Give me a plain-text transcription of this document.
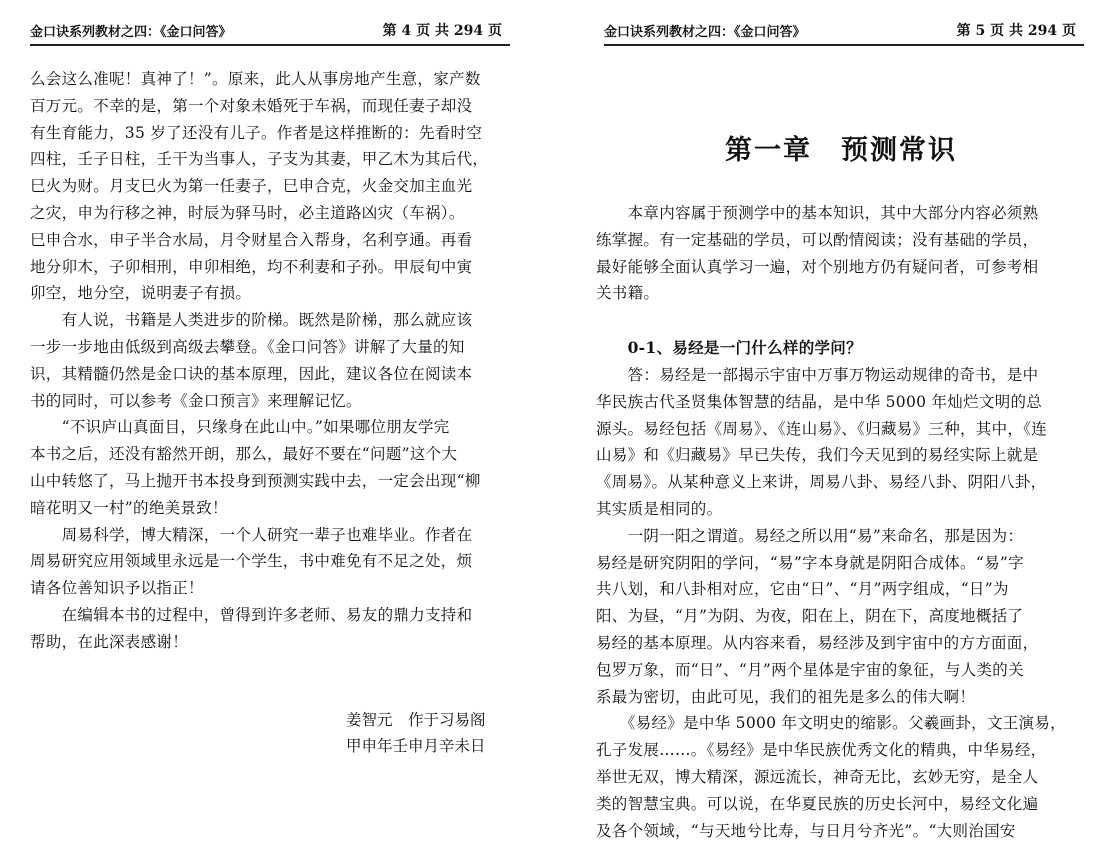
金口诀系列教材之四：《金口问答》	第 4 页 共 294 页

么会这么准呢！真神了！”。原来，此人从事房地产生意，家产数
百万元。不幸的是，第一个对象未婚死于车祸，而现任妻子却没
有生育能力，35 岁了还没有儿子。作者是这样推断的：先看时空
四柱，壬子日柱，壬干为当事人，子支为其妻，甲乙木为其后代，
巳火为财。月支巳火为第一任妻子，巳申合克，火金交加主血光
之灾，申为行移之神，时辰为驿马时，必主道路凶灾（车祸）。
巳申合水，申子半合水局，月令财星合入帮身，名利亨通。再看
地分卯木，子卯相刑，申卯相绝，均不利妻和子孙。甲辰旬中寅
卯空，地分空，说明妻子有损。

　　有人说，书籍是人类进步的阶梯。既然是阶梯，那么就应该
一步一步地由低级到高级去攀登。《金口问答》讲解了大量的知
识，其精髓仍然是金口诀的基本原理，因此，建议各位在阅读本
书的同时，可以参考《金口预言》来理解记忆。

　　“不识庐山真面目，只缘身在此山中。”如果哪位朋友学完
本书之后，还没有豁然开朗，那么，最好不要在“问题”这个大
山中转悠了，马上抛开书本投身到预测实践中去，一定会出现“柳
暗花明又一村”的绝美景致！

　　周易科学，博大精深，一个人研究一辈子也难毕业。作者在
周易研究应用领域里永远是一个学生，书中难免有不足之处，烦
请各位善知识予以指正！

　　在编辑本书的过程中，曾得到许多老师、易友的鼎力支持和
帮助，在此深表感谢！

姜智元　作于习易阁
甲申年壬申月辛未日
金口诀系列教材之四：《金口问答》	第 5 页 共 294 页
第一章　预测常识

　　本章内容属于预测学中的基本知识，其中大部分内容必须熟
练掌握。有一定基础的学员，可以酌情阅读；没有基础的学员，
最好能够全面认真学习一遍，对个别地方仍有疑问者，可参考相
关书籍。

　　0-1、易经是一门什么样的学问？

　　答：易经是一部揭示宇宙中万事万物运动规律的奇书，是中
华民族古代圣贤集体智慧的结晶，是中华 5000 年灿烂文明的总
源头。易经包括《周易》、《连山易》、《归藏易》三种，其中，《连
山易》和《归藏易》早已失传，我们今天见到的易经实际上就是
《周易》。从某种意义上来讲，周易八卦、易经八卦、阴阳八卦，
其实质是相同的。

　　一阴一阳之谓道。易经之所以用“易”来命名，那是因为：
易经是研究阴阳的学问，“易”字本身就是阴阳合成体。“易”字
共八划，和八卦相对应，它由“日”、“月”两字组成，“日”为
阳、为昼，“月”为阴、为夜，阳在上，阴在下，高度地概括了
易经的基本原理。从内容来看，易经涉及到宇宙中的方方面面，
包罗万象，而“日”、“月”两个星体是宇宙的象征，与人类的关
系最为密切，由此可见，我们的祖先是多么的伟大啊！

　　《易经》是中华 5000 年文明史的缩影。父羲画卦，文王演易，
孔子发展……。《易经》是中华民族优秀文化的精典，中华易经，
举世无双，博大精深，源远流长，神奇无比，玄妙无穷，是全人
类的智慧宝典。可以说，在华夏民族的历史长河中，易经文化遍
及各个领域，“与天地兮比寿，与日月兮齐光”。“大则治国安
